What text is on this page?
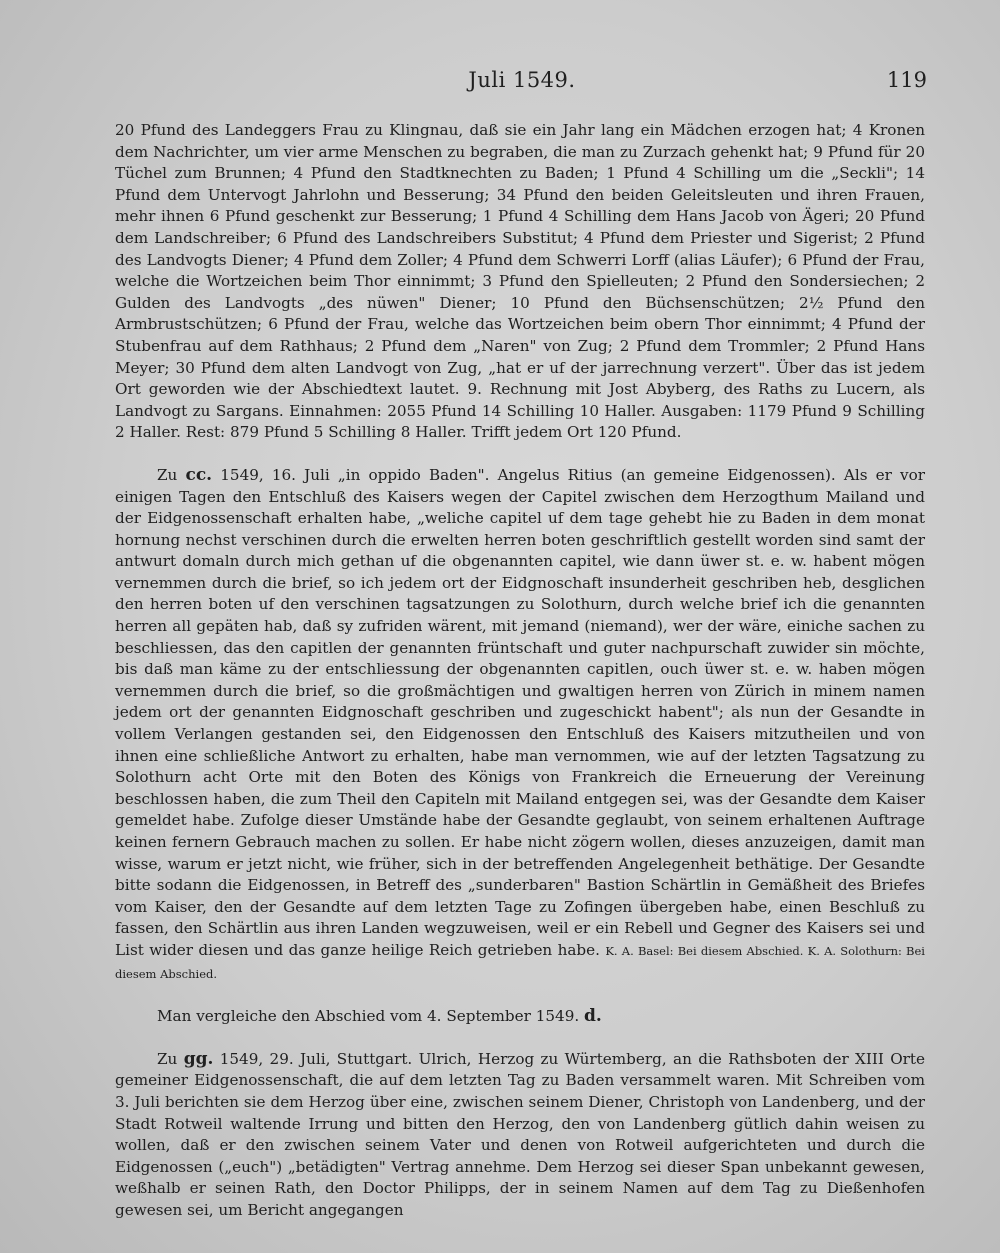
Juli 1549.	119

20 Pfund des Landeggers Frau zu Klingnau, daß sie ein Jahr lang ein Mädchen erzogen hat; 4 Kronen dem Nachrichter, um vier arme Menschen zu begraben, die man zu Zurzach gehenkt hat; 9 Pfund für 20 Tüchel zum Brunnen; 4 Pfund den Stadtknechten zu Baden; 1 Pfund 4 Schilling um die „Seckli"; 14 Pfund dem Untervogt Jahrlohn und Besserung; 34 Pfund den beiden Geleitsleuten und ihren Frauen, mehr ihnen 6 Pfund geschenkt zur Besserung; 1 Pfund 4 Schilling dem Hans Jacob von Ägeri; 20 Pfund dem Landschreiber; 6 Pfund des Landschreibers Substitut; 4 Pfund dem Priester und Sigerist; 2 Pfund des Landvogts Diener; 4 Pfund dem Zoller; 4 Pfund dem Schwerri Lorff (alias Läufer); 6 Pfund der Frau, welche die Wortzeichen beim Thor einnimmt; 3 Pfund den Spielleuten; 2 Pfund den Sondersiechen; 2 Gulden des Landvogts „des nüwen" Diener; 10 Pfund den Büchsenschützen; 2½ Pfund den Armbrustschützen; 6 Pfund der Frau, welche das Wortzeichen beim obern Thor einnimmt; 4 Pfund der Stubenfrau auf dem Rathhaus; 2 Pfund dem „Naren" von Zug; 2 Pfund dem Trommler; 2 Pfund Hans Meyer; 30 Pfund dem alten Landvogt von Zug, „hat er uf der jarrechnung verzert". Über das ist jedem Ort geworden wie der Abschiedtext lautet. 9. Rechnung mit Jost Abyberg, des Raths zu Lucern, als Landvogt zu Sargans. Einnahmen: 2055 Pfund 14 Schilling 10 Haller. Ausgaben: 1179 Pfund 9 Schilling 2 Haller. Rest: 879 Pfund 5 Schilling 8 Haller. Trifft jedem Ort 120 Pfund.

Zu cc. 1549, 16. Juli „in oppido Baden". Angelus Ritius (an gemeine Eidgenossen). Als er vor einigen Tagen den Entschluß des Kaisers wegen der Capitel zwischen dem Herzogthum Mailand und der Eidgenossenschaft erhalten habe, „weliche capitel uf dem tage gehebt hie zu Baden in dem monat hornung nechst verschinen durch die erwelten herren boten geschriftlich gestellt worden sind samt der antwurt domaln durch mich gethan uf die obgenannten capitel, wie dann üwer st. e. w. habent mögen vernemmen durch die brief, so ich jedem ort der Eidgnoschaft insunderheit geschriben heb, desglichen den herren boten uf den verschinen tagsatzungen zu Solothurn, durch welche brief ich die genannten herren all gepäten hab, daß sy zufriden wärent, mit jemand (niemand), wer der wäre, einiche sachen zu beschliessen, das den capitlen der genannten früntschaft und guter nachpurschaft zuwider sin möchte, bis daß man käme zu der entschliessung der obgenannten capitlen, ouch üwer st. e. w. haben mögen vernemmen durch die brief, so die großmächtigen und gwaltigen herren von Zürich in minem namen jedem ort der genannten Eidgnoschaft geschriben und zugeschickt habent"; als nun der Gesandte in vollem Verlangen gestanden sei, den Eidgenossen den Entschluß des Kaisers mitzutheilen und von ihnen eine schließliche Antwort zu erhalten, habe man vernommen, wie auf der letzten Tagsatzung zu Solothurn acht Orte mit den Boten des Königs von Frankreich die Erneuerung der Vereinung beschlossen haben, die zum Theil den Capiteln mit Mailand entgegen sei, was der Gesandte dem Kaiser gemeldet habe. Zufolge dieser Umstände habe der Gesandte geglaubt, von seinem erhaltenen Auftrage keinen fernern Gebrauch machen zu sollen. Er habe nicht zögern wollen, dieses anzuzeigen, damit man wisse, warum er jetzt nicht, wie früher, sich in der betreffenden Angelegenheit bethätige. Der Gesandte bitte sodann die Eidgenossen, in Betreff des „sunderbaren" Bastion Schärtlin in Gemäßheit des Briefes vom Kaiser, den der Gesandte auf dem letzten Tage zu Zofingen übergeben habe, einen Beschluß zu fassen, den Schärtlin aus ihren Landen wegzuweisen, weil er ein Rebell und Gegner des Kaisers sei und List wider diesen und das ganze heilige Reich getrieben habe. K. A. Basel: Bei diesem Abschied. K. A. Solothurn: Bei diesem Abschied.

Man vergleiche den Abschied vom 4. September 1549. d.

Zu gg. 1549, 29. Juli, Stuttgart. Ulrich, Herzog zu Würtemberg, an die Rathsboten der XIII Orte gemeiner Eidgenossenschaft, die auf dem letzten Tag zu Baden versammelt waren. Mit Schreiben vom 3. Juli berichten sie dem Herzog über eine, zwischen seinem Diener, Christoph von Landenberg, und der Stadt Rotweil waltende Irrung und bitten den Herzog, den von Landenberg gütlich dahin weisen zu wollen, daß er den zwischen seinem Vater und denen von Rotweil aufgerichteten und durch die Eidgenossen („euch") „betädigten" Vertrag annehme. Dem Herzog sei dieser Span unbekannt gewesen, weßhalb er seinen Rath, den Doctor Philipps, der in seinem Namen auf dem Tag zu Dießenhofen gewesen sei, um Bericht angegangen
